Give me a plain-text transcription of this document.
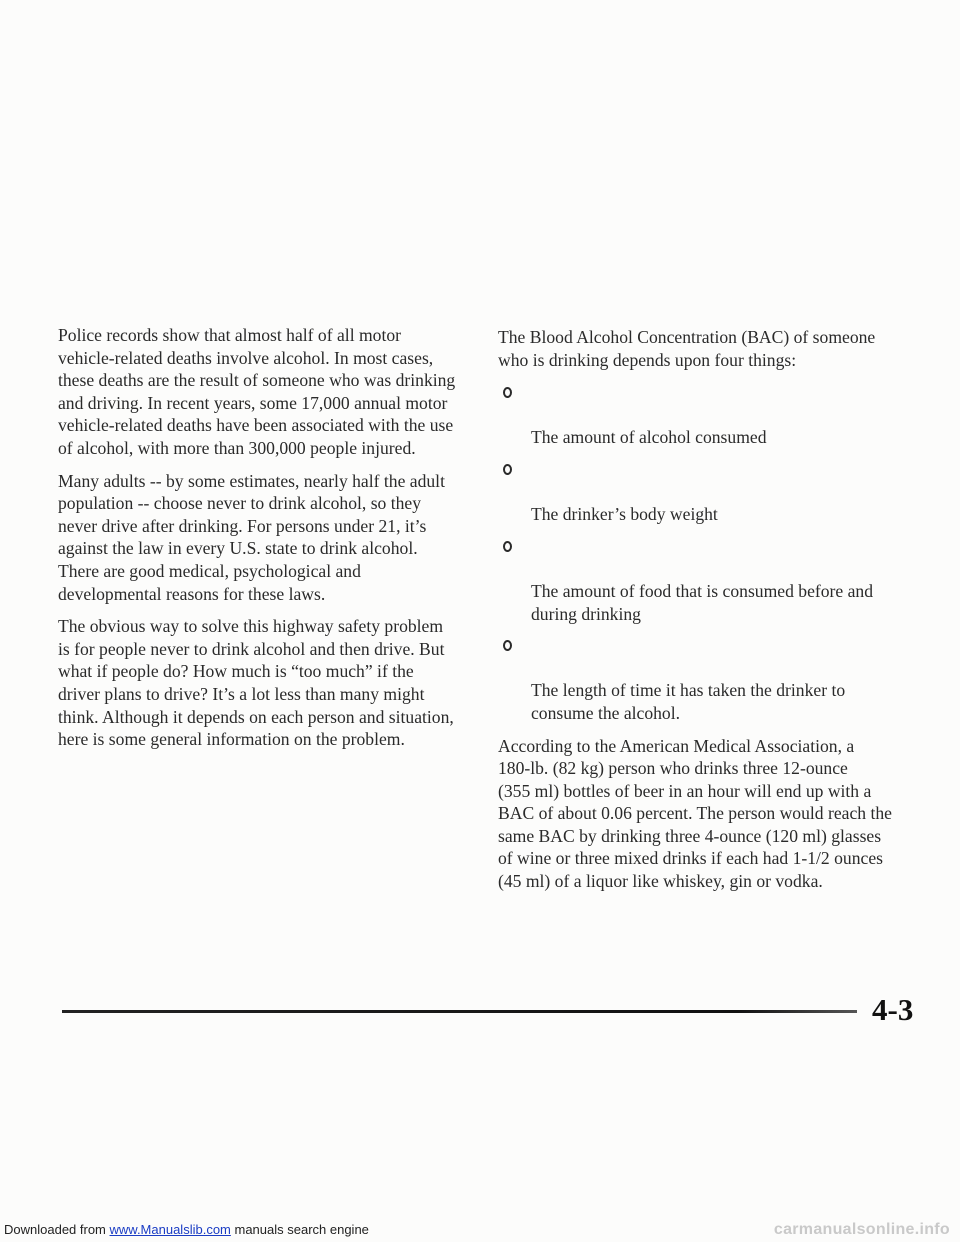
Police records show that almost half of all motor
vehicle-related deaths involve alcohol. In most cases,
these deaths are the result of someone who was drinking
and driving. In recent years, some 17,000 annual motor
vehicle-related deaths have been associated with the use
of alcohol, with more than 300,000 people injured.

Many adults -- by some estimates, nearly half the adult
population -- choose never to drink alcohol, so they
never drive after drinking. For persons under 21, it’s
against the law in every U.S. state to drink alcohol.
There are good medical, psychological and
developmental reasons for these laws.

The obvious way to solve this highway safety problem
is for people never to drink alcohol and then drive. But
what if people do? How much is “too much” if the
driver plans to drive? It’s a lot less than many might
think. Although it depends on each person and situation,
here is some general information on the problem.

The Blood Alcohol Concentration (BAC) of someone
who is drinking depends upon four things:

The amount of alcohol consumed

The drinker’s body weight

The amount of food that is consumed before and
during drinking

The length of time it has taken the drinker to
consume the alcohol.

According to the American Medical Association, a
180-lb. (82 kg) person who drinks three 12-ounce
(355 ml) bottles of beer in an hour will end up with a
BAC of about 0.06 percent. The person would reach the
same BAC by drinking three 4-ounce (120 ml) glasses
of wine or three mixed drinks if each had 1-1/2 ounces
(45 ml) of a liquor like whiskey, gin or vodka.

4-3
Downloaded from www.Manualslib.com manuals search engine	carmanualsonline.info
